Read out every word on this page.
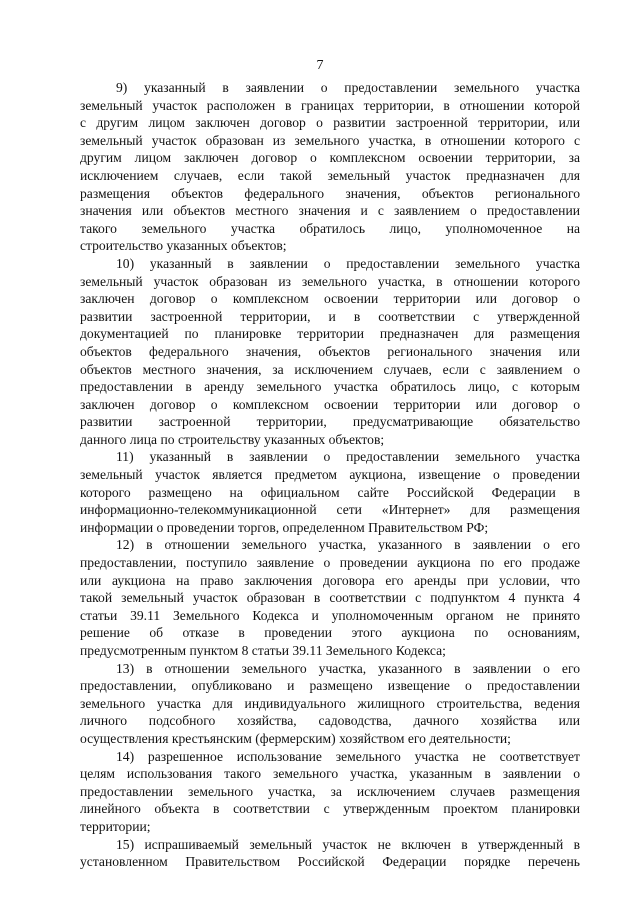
7
9) указанный в заявлении о предоставлении земельного участка
земельный участок расположен в границах территории, в отношении которой
с другим лицом заключен договор о развитии застроенной территории, или
земельный участок образован из земельного участка, в отношении которого с
другим лицом заключен договор о комплексном освоении территории, за
исключением случаев, если такой земельный участок предназначен для
размещения объектов федерального значения, объектов регионального
значения или объектов местного значения и с заявлением о предоставлении
такого земельного участка обратилось лицо, уполномоченное на
строительство указанных объектов;
10) указанный в заявлении о предоставлении земельного участка
земельный участок образован из земельного участка, в отношении которого
заключен договор о комплексном освоении территории или договор о
развитии застроенной территории, и в соответствии с утвержденной
документацией по планировке территории предназначен для размещения
объектов федерального значения, объектов регионального значения или
объектов местного значения, за исключением случаев, если с заявлением о
предоставлении в аренду земельного участка обратилось лицо, с которым
заключен договор о комплексном освоении территории или договор о
развитии застроенной территории, предусматривающие обязательство
данного лица по строительству указанных объектов;
11) указанный в заявлении о предоставлении земельного участка
земельный участок является предметом аукциона, извещение о проведении
которого размещено на официальном сайте Российской Федерации в
информационно-телекоммуникационной сети «Интернет» для размещения
информации о проведении торгов, определенном Правительством РФ;
12) в отношении земельного участка, указанного в заявлении о его
предоставлении, поступило заявление о проведении аукциона по его продаже
или аукциона на право заключения договора его аренды при условии, что
такой земельный участок образован в соответствии с подпунктом 4 пункта 4
статьи 39.11 Земельного Кодекса и уполномоченным органом не принято
решение об отказе в проведении этого аукциона по основаниям,
предусмотренным пунктом 8 статьи 39.11 Земельного Кодекса;
13) в отношении земельного участка, указанного в заявлении о его
предоставлении, опубликовано и размещено извещение о предоставлении
земельного участка для индивидуального жилищного строительства, ведения
личного подсобного хозяйства, садоводства, дачного хозяйства или
осуществления крестьянским (фермерским) хозяйством его деятельности;
14) разрешенное использование земельного участка не соответствует
целям использования такого земельного участка, указанным в заявлении о
предоставлении земельного участка, за исключением случаев размещения
линейного объекта в соответствии с утвержденным проектом планировки
территории;
15) испрашиваемый земельный участок не включен в утвержденный в
установленном Правительством Российской Федерации порядке перечень
